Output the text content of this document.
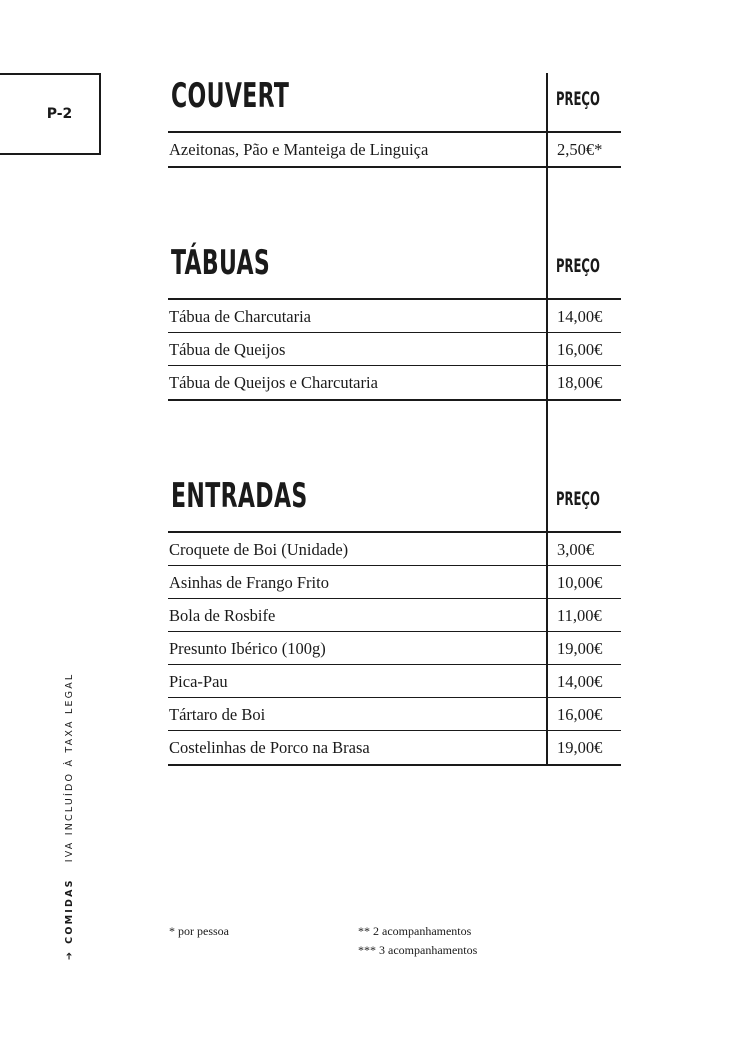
P-2	COUVERT	PREÇO
Azeitonas, Pão e Manteiga de Linguiça	2,50€*
TÁBUAS	PREÇO
Tábua de Charcutaria	14,00€
Tábua de Queijos	16,00€
Tábua de Queijos e Charcutaria	18,00€
ENTRADAS	PREÇO
Croquete de Boi (Unidade)	3,00€
Asinhas de Frango Frito	10,00€
Bola de Rosbife	11,00€
Presunto Ibérico (100g)	19,00€
Pica-Pau	14,00€
Tártaro de Boi	16,00€
Costelinhas de Porco na Brasa	19,00€
* por pessoa	** 2 acompanhamentos
*** 3 acompanhamentos
➔COMIDASIVA INCLUÍDO À TAXA LEGAL
